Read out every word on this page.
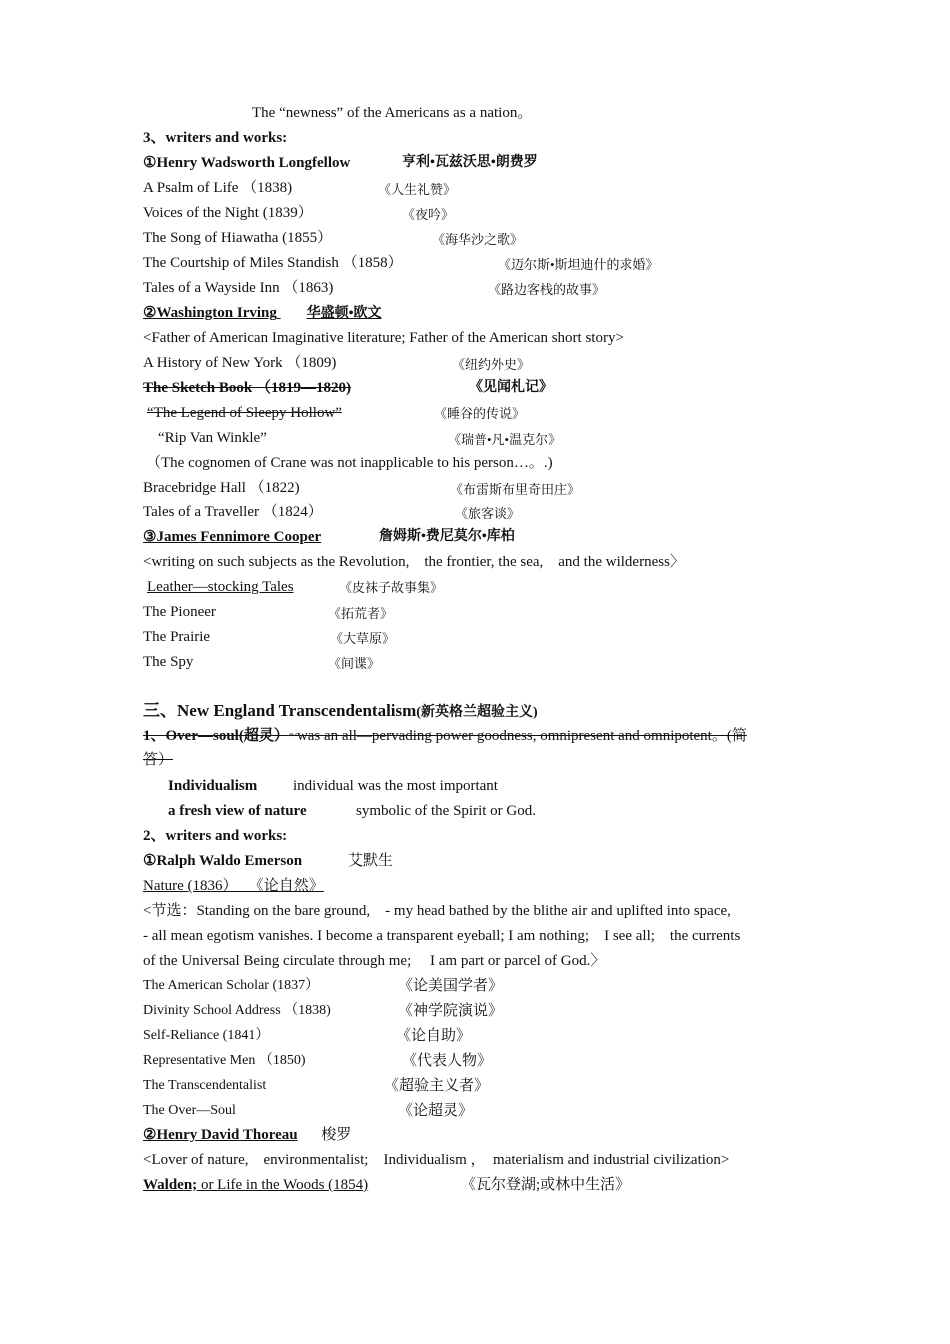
The “newness” of the Americans as a nation。
3、writers and works:
①Henry Wadsworth Longfellow	亨利•瓦兹沃思•朗费罗
A Psalm of Life （1838)	《人生礼赞》
Voices of the Night (1839）	《夜吟》
The Song of Hiawatha (1855）	《海华沙之歌》
The Courtship of Miles Standish （1858）	《迈尔斯•斯坦迪什的求婚》
Tales of a Wayside Inn （1863)	《路边客栈的故事》
②Washington Irving 华盛顿•欧文
<Father of American Imaginative literature; Father of the American short story>
A History of New York （1809)	《纽约外史》
The Sketch Book （1819—1820)	《见闻札记》
“The Legend of Sleepy Hollow”	《睡谷的传说》
“Rip Van Winkle”	《瑞普•凡•温克尔》
（The cognomen of Crane was not inapplicable to his person…。.)
Bracebridge Hall （1822)	《布雷斯布里奇田庄》
Tales of a Traveller （1824）	《旅客谈》
③James Fennimore Cooper	詹姆斯•费尼莫尔•库柏
<writing on such subjects as the Revolution,　the frontier, the sea,　and the wilderness〉
Leather—stocking Tales	《皮袜子故事集》
The Pioneer	《拓荒者》
The Prairie	《大草原》
The Spy	《间谍》
三、New England Transcendentalism(新英格兰超验主义)
1、Over—soul(超灵）~was an all—pervading power goodness, omnipresent and omnipotent。(简
答）
Individualism individual was the most important
a fresh view of nature	symbolic of the Spirit or God.
2、writers and works:
①Ralph Waldo Emerson	艾默生
Nature (1836）　 《论自然》
<节选：Standing on the bare ground,　- my head bathed by the blithe air and uplifted into space,
- all mean egotism vanishes. I become a transparent eyeball; I am nothing;　I see all;　the currents
of the Universal Being circulate through me;　 I am part or parcel of God.〉
The American Scholar (1837）	《论美国学者》
Divinity School Address （1838)	《神学院演说》
Self-Reliance (1841）	《论自助》
Representative Men （1850)	《代表人物》
The Transcendentalist	《超验主义者》
The Over—Soul	《论超灵》
②Henry David Thoreau 梭罗
<Lover of nature,　environmentalist;　Individualism ，　materialism and industrial civilization>
Walden; or Life in the Woods (1854)	《瓦尔登湖;或林中生活》
